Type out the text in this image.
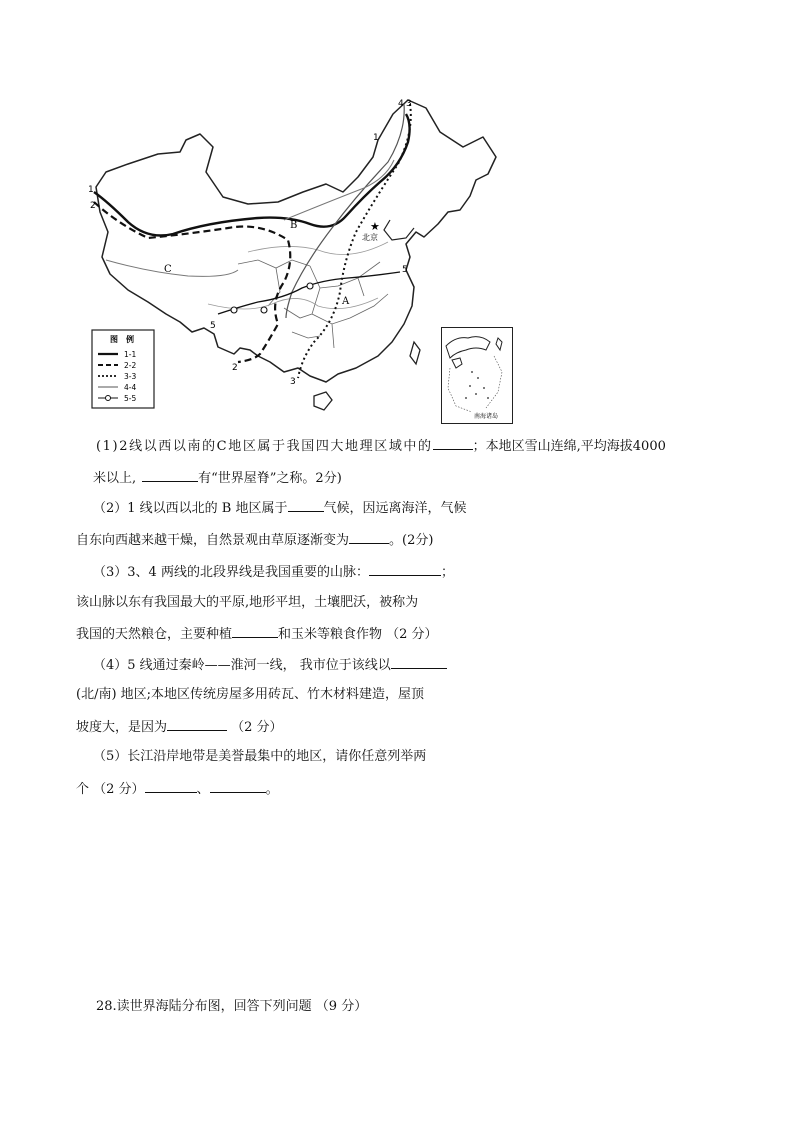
★
北京
1
2
1
4 3
5
5
2
3
B
C
A
图　例
1-1
2-2
3-3
4-4
5-5
南海诸岛
(1)2线以西以南的C地区属于我国四大地理区域中的	；本地区雪山连绵,平均海拔4000
米以上,	有“世界屋脊”之称。2分)
（2）1 线以西以北的 B 地区属于	气候，因远离海洋，气候
自东向西越来越干燥，自然景观由草原逐渐变为	。(2分)
（3）3、4 两线的北段界线是我国重要的山脉：	；
该山脉以东有我国最大的平原,地形平坦，土壤肥沃，被称为
我国的天然粮仓，主要种植	和玉米等粮食作物 （2 分）
（4）5 线通过秦岭——淮河一线， 我市位于该线以
(北/南) 地区;本地区传统房屋多用砖瓦、竹木材料建造，屋顶
坡度大，是因为	（2 分）
（5）长江沿岸地带是美誉最集中的地区，请你任意列举两
个 （2 分）	、	。
28.读世界海陆分布图，回答下列问题 （9 分）
